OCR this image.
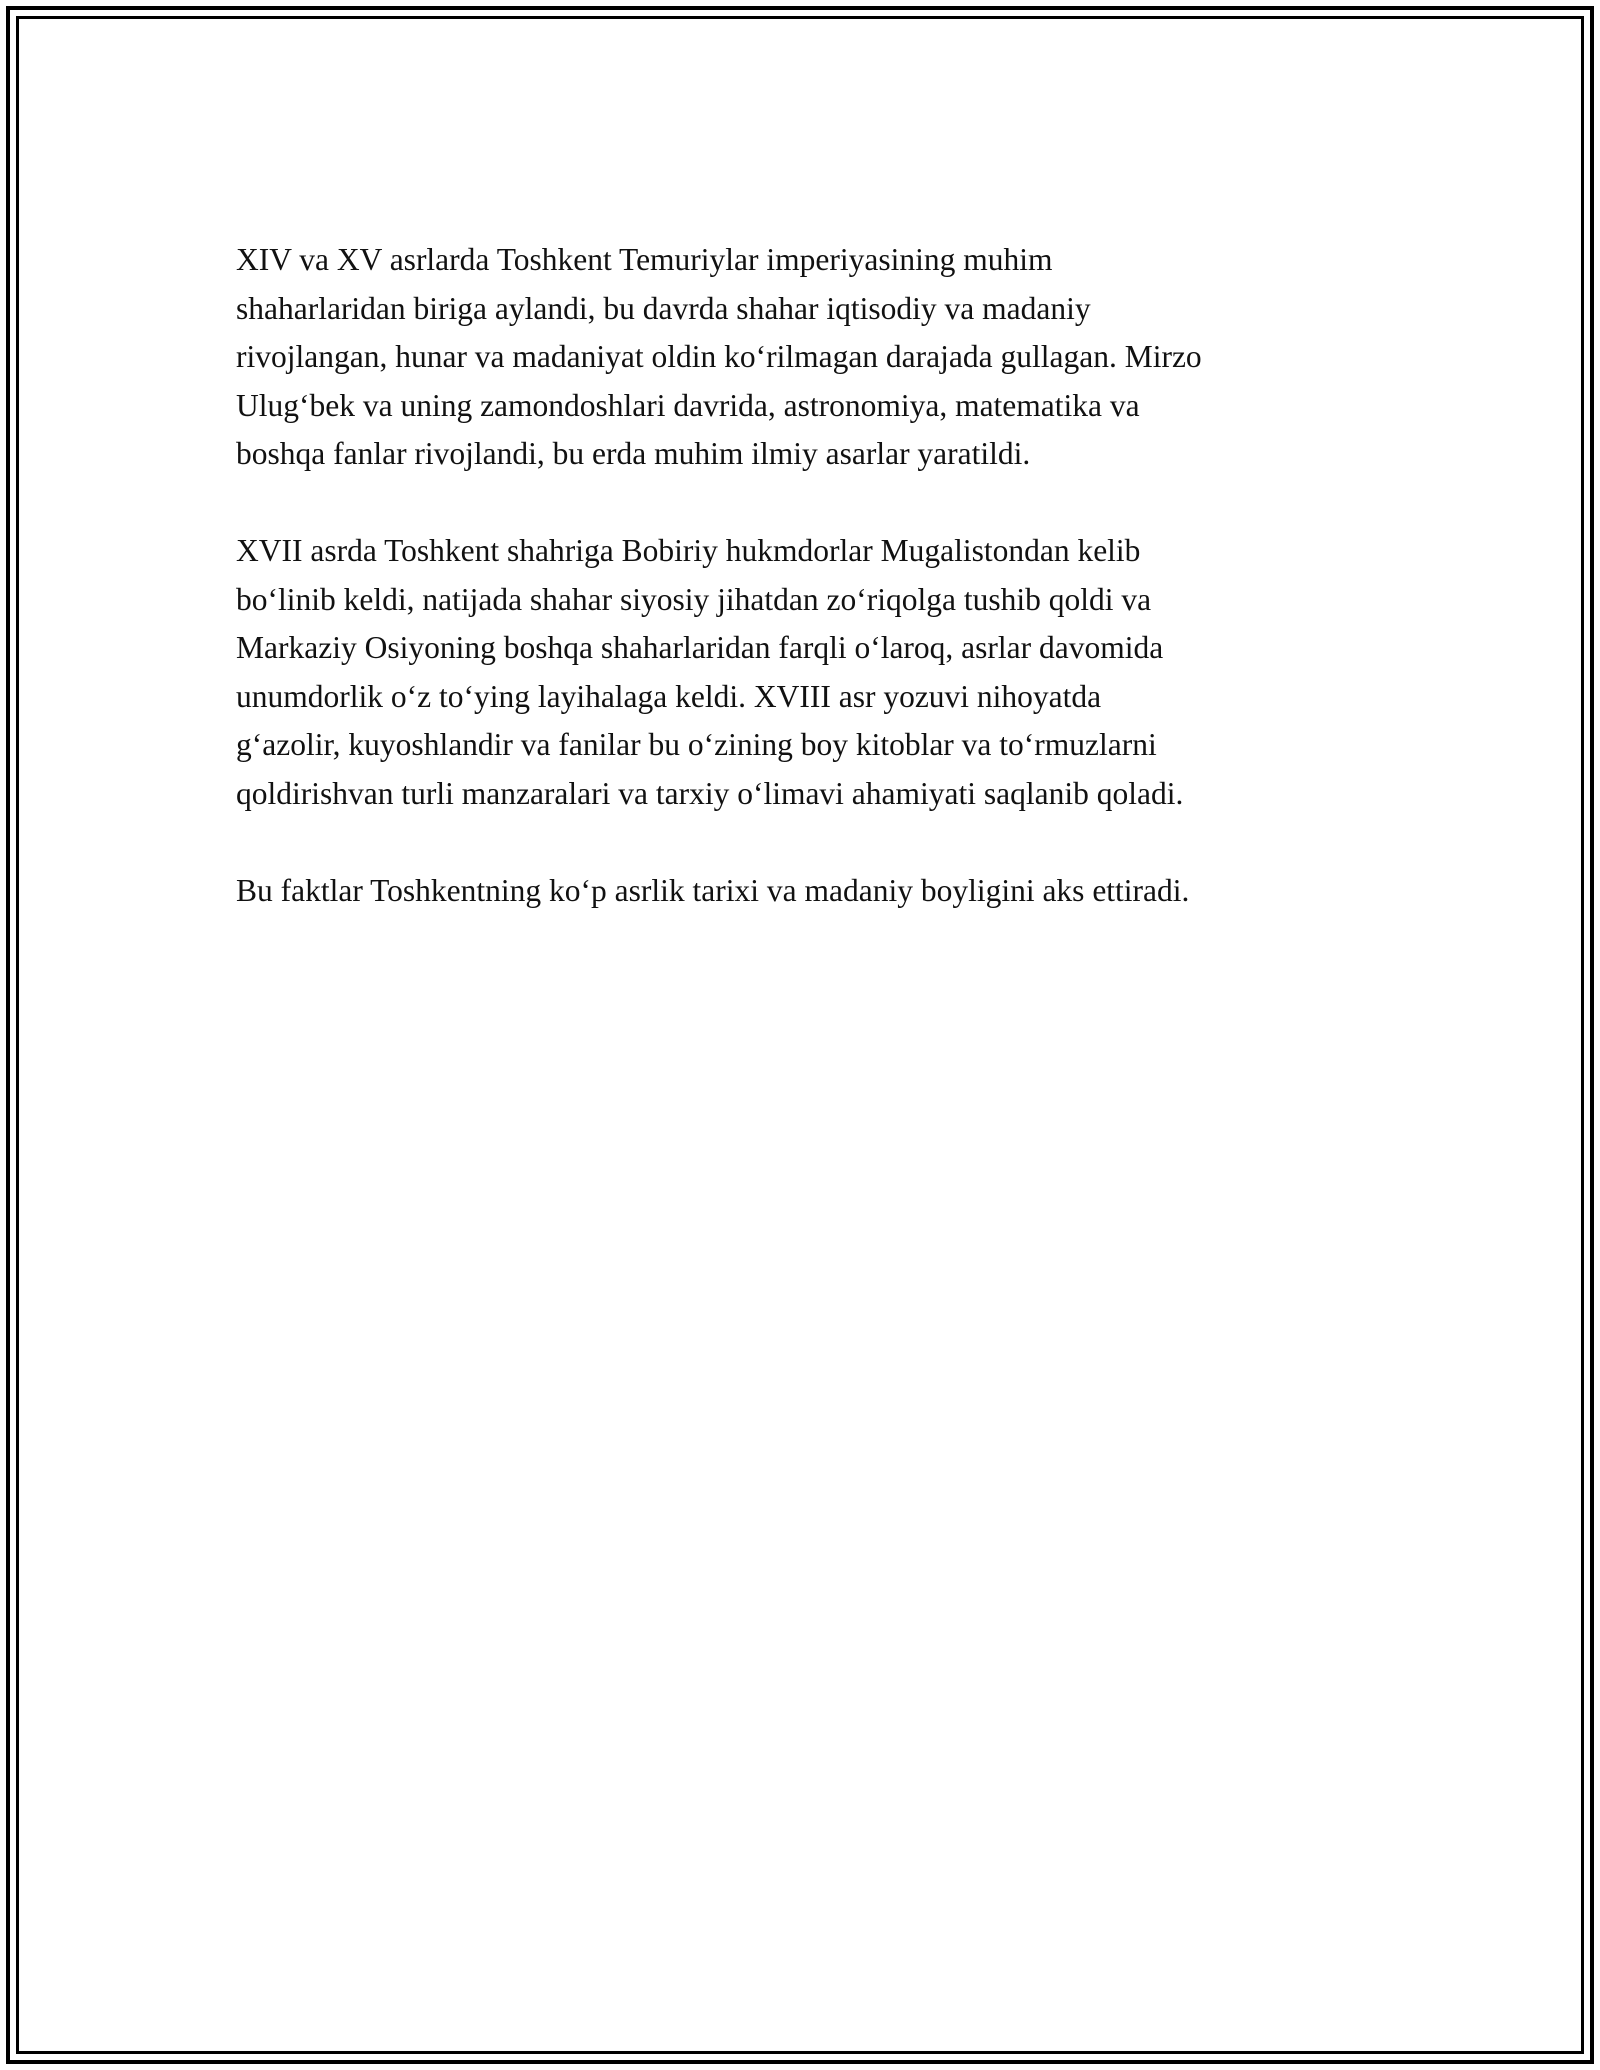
XIV va XV asrlarda Toshkent Temuriylar imperiyasining muhim
shaharlaridan biriga aylandi, bu davrda shahar iqtisodiy va madaniy
rivojlangan, hunar va madaniyat oldin ko‘rilmagan darajada gullagan. Mirzo
Ulug‘bek va uning zamondoshlari davrida, astronomiya, matematika va
boshqa fanlar rivojlandi, bu erda muhim ilmiy asarlar yaratildi.

XVII asrda Toshkent shahriga Bobiriy hukmdorlar Mugalistondan kelib
bo‘linib keldi, natijada shahar siyosiy jihatdan zo‘riqolga tushib qoldi va
Markaziy Osiyoning boshqa shaharlaridan farqli o‘laroq, asrlar davomida
unumdorlik o‘z to‘ying layihalaga keldi. XVIII asr yozuvi nihoyatda
g‘azolir, kuyoshlandir va fanilar bu o‘zining boy kitoblar va to‘rmuzlarni
qoldirishvan turli manzaralari va tarxiy o‘limavi ahamiyati saqlanib qoladi.

Bu faktlar Toshkentning ko‘p asrlik tarixi va madaniy boyligini aks ettiradi.
